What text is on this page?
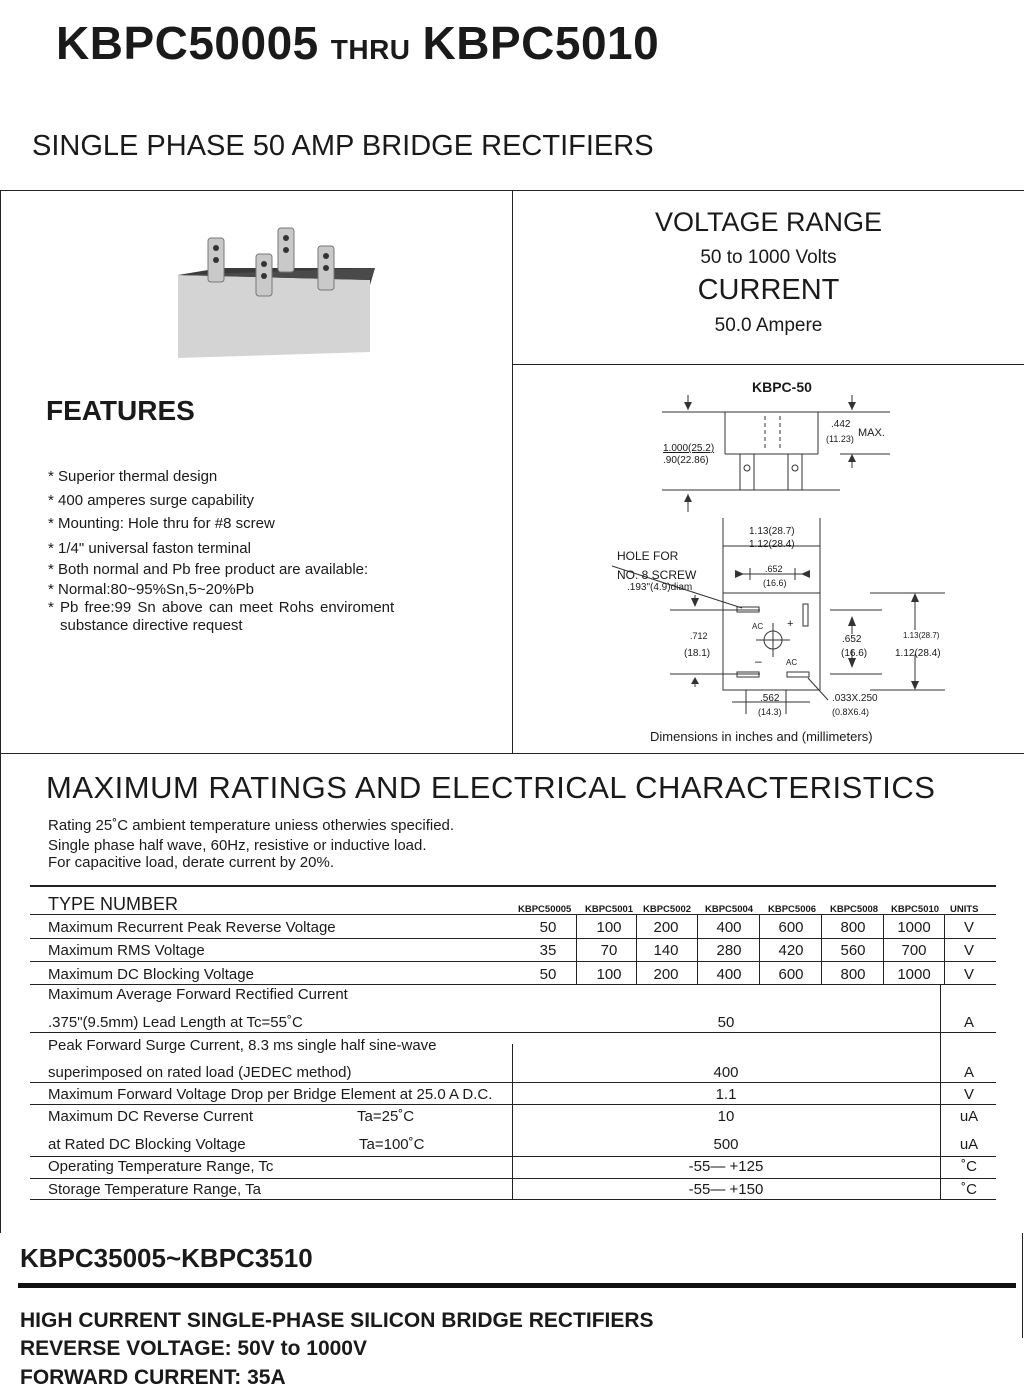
KBPC50005 THRU KBPC5010
SINGLE PHASE 50 AMP BRIDGE RECTIFIERS
FEATURES
* Superior thermal design
* 400 amperes surge capability
* Mounting: Hole thru for #8 screw
* 1/4" universal faston terminal
* Both normal and Pb free product are available:
* Normal:80~95%Sn,5~20%Pb
* Pb free:99 Sn above can meet Rohs enviroment
substance directive request
VOLTAGE RANGE
50 to 1000 Volts
CURRENT
50.0 Ampere
KBPC-50
.442
(11.23) MAX.
1.000(25.2)
.90(22.86)
1.13(28.7)
1.12(28.4)
HOLE FOR
NO. 8 SCREW
.193"(4.9)diam
.652
(16.6)
.712
(18.1)
.652
(16.6)
1.13(28.7)
1.12(28.4)
.562
(14.3)
.033X.250
(0.8X6.4)
+
–
AC
AC
Dimensions in inches and (millimeters)
MAXIMUM RATINGS AND ELECTRICAL CHARACTERISTICS
Rating 25˚C ambient temperature uniess otherwies specified.
Single phase half wave, 60Hz, resistive or inductive load.
For capacitive load, derate current by 20%.
TYPE NUMBER	KBPC50005 KBPC5001 KBPC5002 KBPC5004 KBPC5006 KBPC5008 KBPC5010 UNITS
Maximum Recurrent Peak Reverse Voltage	50	100	200	400	600	800	1000	V
Maximum RMS Voltage	35	70	140	280	420	560	700	V
Maximum DC Blocking Voltage	50	100	200	400	600	800	1000	V
Maximum Average Forward Rectified Current
.375"(9.5mm) Lead Length at Tc=55˚C	50	A
Peak Forward Surge Current, 8.3 ms single half sine-wave
superimposed on rated load (JEDEC method)	400	A
Maximum Forward Voltage Drop per Bridge Element at 25.0 A D.C.	1.1	V
Maximum DC Reverse Current	Ta=25˚C	10	uA
at Rated DC Blocking Voltage	Ta=100˚C	500	uA
Operating Temperature Range, Tc	-55— +125	˚C
Storage Temperature Range, Ta	-55— +150	˚C
KBPC35005~KBPC3510
HIGH CURRENT SINGLE-PHASE SILICON BRIDGE RECTIFIERS
REVERSE VOLTAGE: 50V to 1000V
FORWARD CURRENT: 35A
